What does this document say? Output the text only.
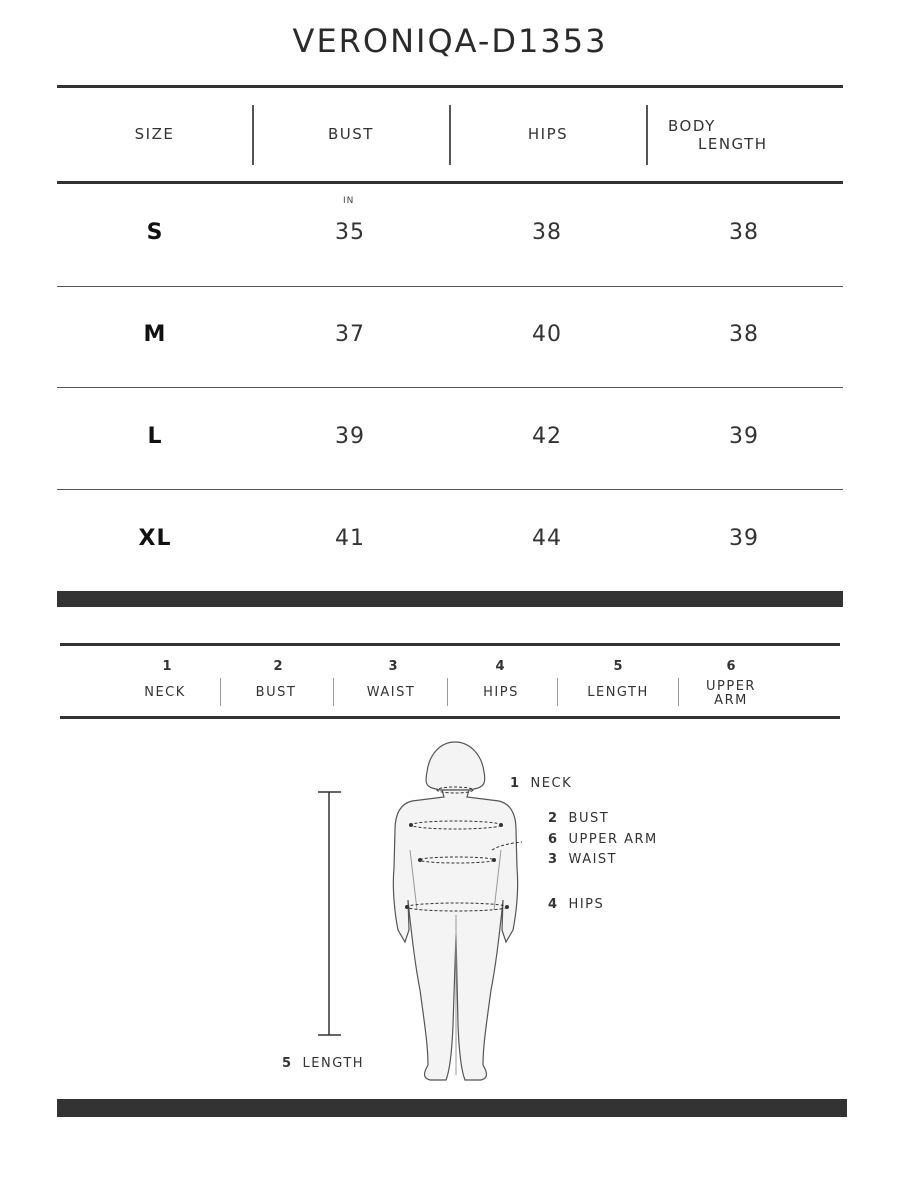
VERONIQA-D1353
SIZE	BUST	HIPS	BODY
LENGTH
IN
S	35	38	38
M	37	40	38
L	39	42	39
XL	41	44	39
1
NECK
2
BUST
3
WAIST
4
HIPS
5
LENGTH
6
UPPER
ARM
1 NECK
2 BUST
6 UPPER ARM
3 WAIST
4 HIPS
5 LENGTH
